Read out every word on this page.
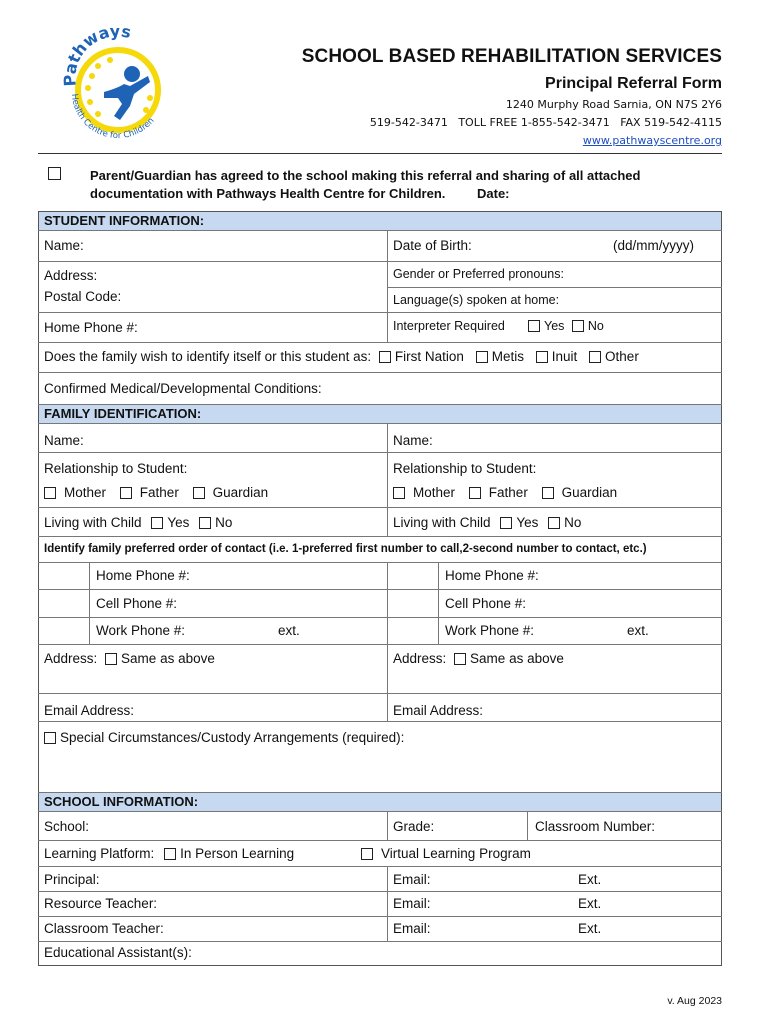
Pathways
Health Centre for Children
SCHOOL BASED REHABILITATION SERVICES
Principal Referral Form
1240 Murphy Road Sarnia, ON N7S 2Y6
519-542-3471   TOLL FREE 1-855-542-3471   FAX 519-542-4115
www.pathwayscentre.org
Parent/Guardian has agreed to the school making this referral and sharing of all attached
documentation with Pathways Health Centre for Children. Date:
STUDENT INFORMATION:
Name:	Date of Birth:	(dd/mm/yyyy)
Address:	Gender or Preferred pronouns:
Postal Code:	Language(s) spoken at home:
Home Phone #:	Interpreter Required	Yes No
Does the family wish to identify itself or this student as: First Nation Metis Inuit Other
Confirmed Medical/Developmental Conditions:
FAMILY IDENTIFICATION:
Name:	Name:
Relationship to Student:	Relationship to Student:
Mother	Father	Guardian	Mother	Father	Guardian
Living with Child Yes No	Living with Child Yes No
Identify family preferred order of contact (i.e. 1-preferred first number to call,2-second number to contact, etc.)
Home Phone #:	Home Phone #:
Cell Phone #:	Cell Phone #:
Work Phone #:	ext.	Work Phone #:	ext.
Address: Same as above	Address: Same as above
Email Address:	Email Address:
Special Circumstances/Custody Arrangements (required):
SCHOOL INFORMATION:
School:	Grade:	Classroom Number:
Learning Platform: In Person Learning	Virtual Learning Program
Principal:	Email:	Ext.
Resource Teacher:	Email:	Ext.
Classroom Teacher:	Email:	Ext.
Educational Assistant(s):
v. Aug 2023
